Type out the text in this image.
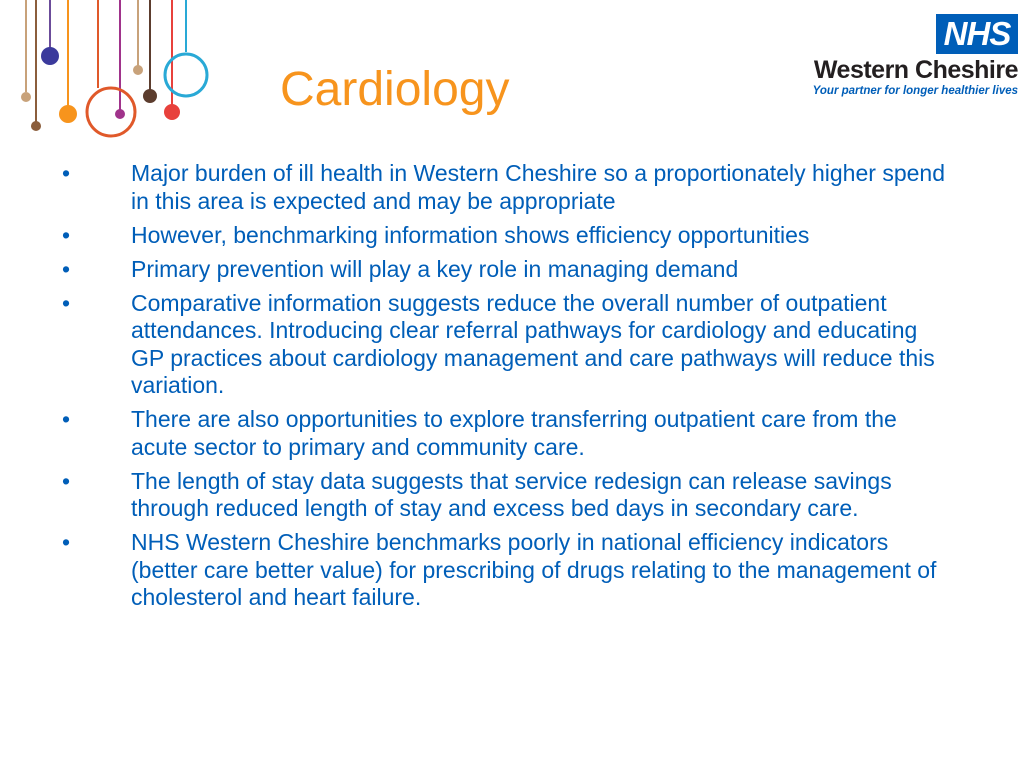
Cardiology
NHS
Western Cheshire
Your partner for longer healthier lives
•	Major burden of ill health in Western Cheshire so a proportionately higher spend in this area is expected and may be appropriate
•	However, benchmarking information shows efficiency opportunities
•	Primary prevention will play a key role in managing demand
•	Comparative information suggests reduce the overall number of outpatient attendances. Introducing clear referral pathways for cardiology and educating GP practices about cardiology management and care pathways will reduce this variation.
•	There are also opportunities to explore transferring outpatient care from the acute sector to primary and community care.
•	The length of stay data suggests that service redesign can release savings through reduced length of stay and excess bed days in secondary care.
•	NHS Western Cheshire benchmarks poorly in national efficiency indicators (better care better value) for prescribing of drugs relating to the management of cholesterol and heart failure.
